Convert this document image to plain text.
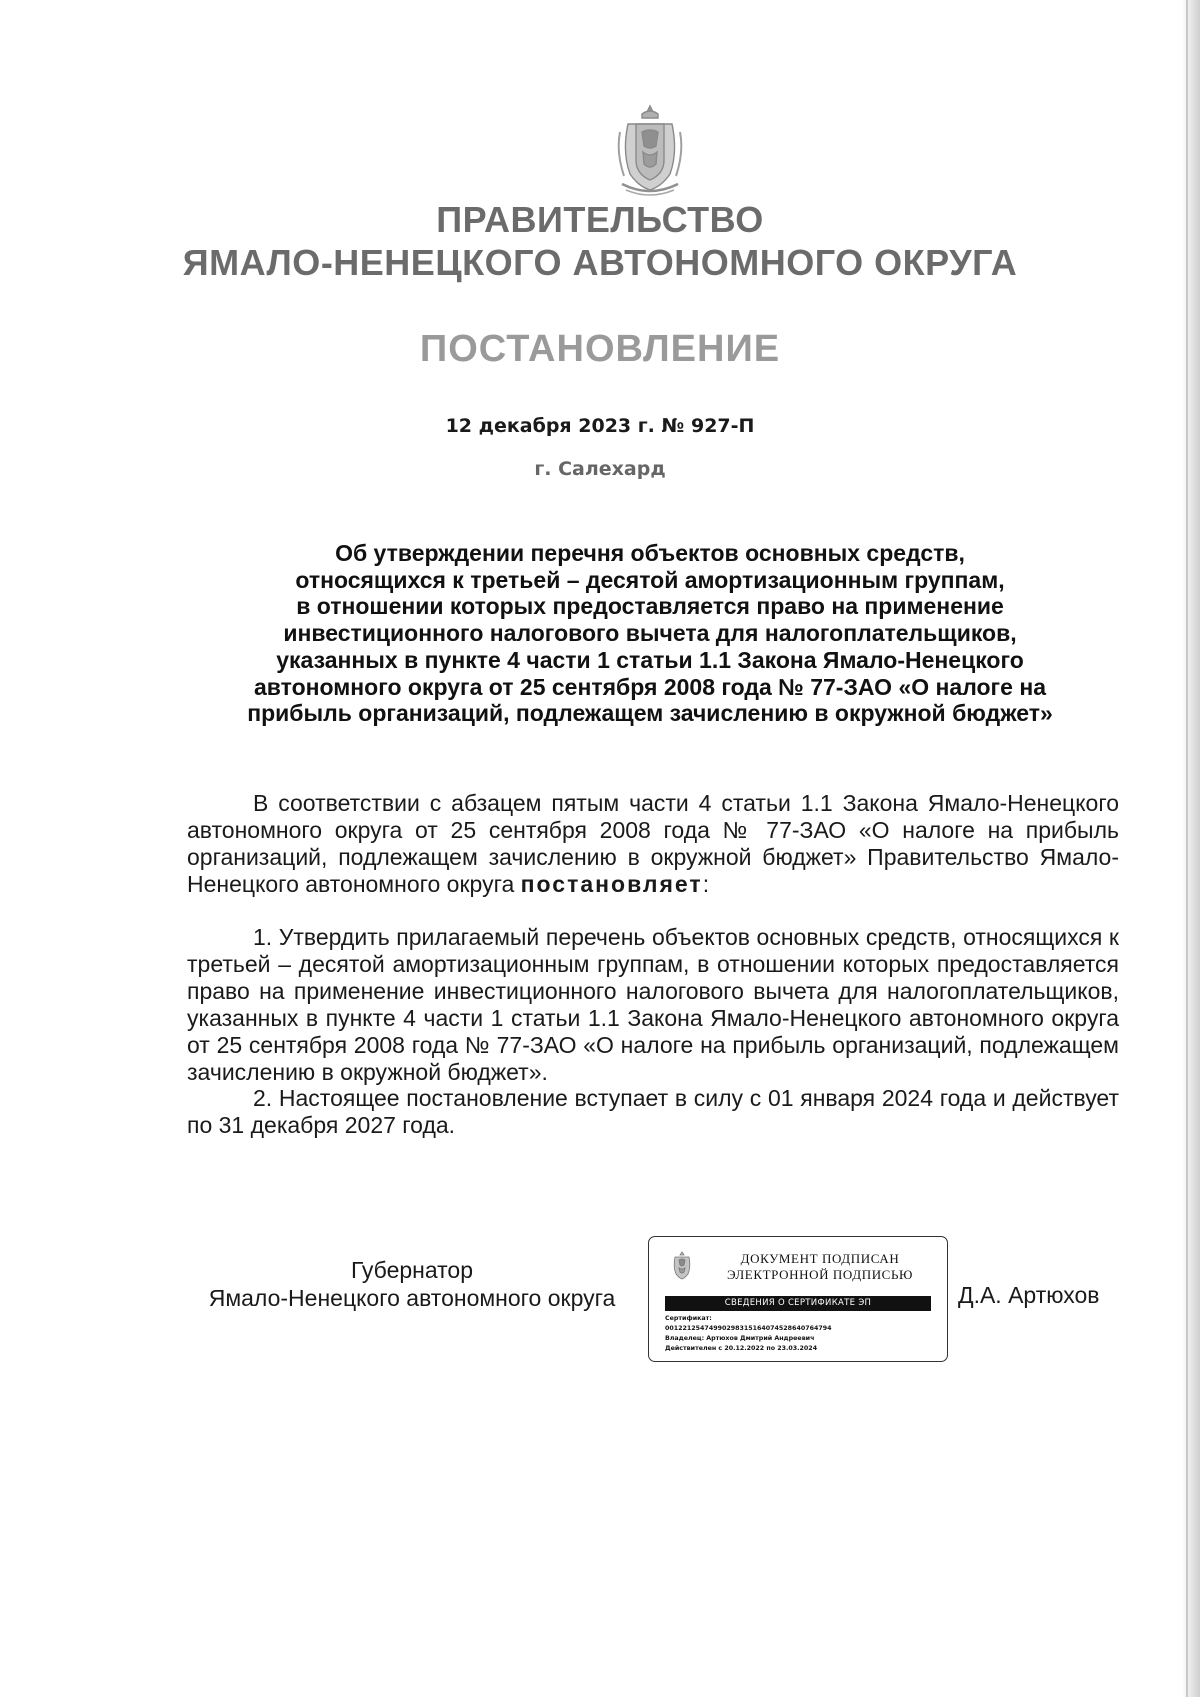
ПРАВИТЕЛЬСТВО
ЯМАЛО-НЕНЕЦКОГО АВТОНОМНОГО ОКРУГА
ПОСТАНОВЛЕНИЕ
12 декабря 2023 г. № 927-П
г. Салехард
Об утверждении перечня объектов основных средств,
относящихся к третьей – десятой амортизационным группам,
в отношении которых предоставляется право на применение
инвестиционного налогового вычета для налогоплательщиков,
указанных в пункте 4 части 1 статьи 1.1 Закона Ямало-Ненецкого
автономного округа от 25 сентября 2008 года № 77-ЗАО «О налоге на
прибыль организаций, подлежащем зачислению в окружной бюджет»
В соответствии с абзацем пятым части 4 статьи 1.1 Закона Ямало-Ненецкого автономного округа от 25 сентября 2008 года № 77-ЗАО «О налоге на прибыль организаций, подлежащем зачислению в окружной бюджет» Правительство Ямало-Ненецкого автономного округа постановляет:

1. Утвердить прилагаемый перечень объектов основных средств, относящихся к третьей – десятой амортизационным группам, в отношении которых предоставляется право на применение инвестиционного налогового вычета для налогоплательщиков, указанных в пункте 4 части 1 статьи 1.1 Закона Ямало-Ненецкого автономного округа от 25 сентября 2008 года № 77-ЗАО «О налоге на прибыль организаций, подлежащем зачислению в окружной бюджет».

2. Настоящее постановление вступает в силу с 01 января 2024 года и действует по 31 декабря 2027 года.

Губернатор
Ямало-Ненецкого автономного округа
ДОКУМЕНТ ПОДПИСАН
ЭЛЕКТРОННОЙ ПОДПИСЬЮ
СВЕДЕНИЯ О СЕРТИФИКАТЕ ЭП
Сертификат:
00122125474990298315164074528640764794
Владелец: Артюхов Дмитрий Андреевич
Действителен с 20.12.2022 по 23.03.2024
Д.А. Артюхов
